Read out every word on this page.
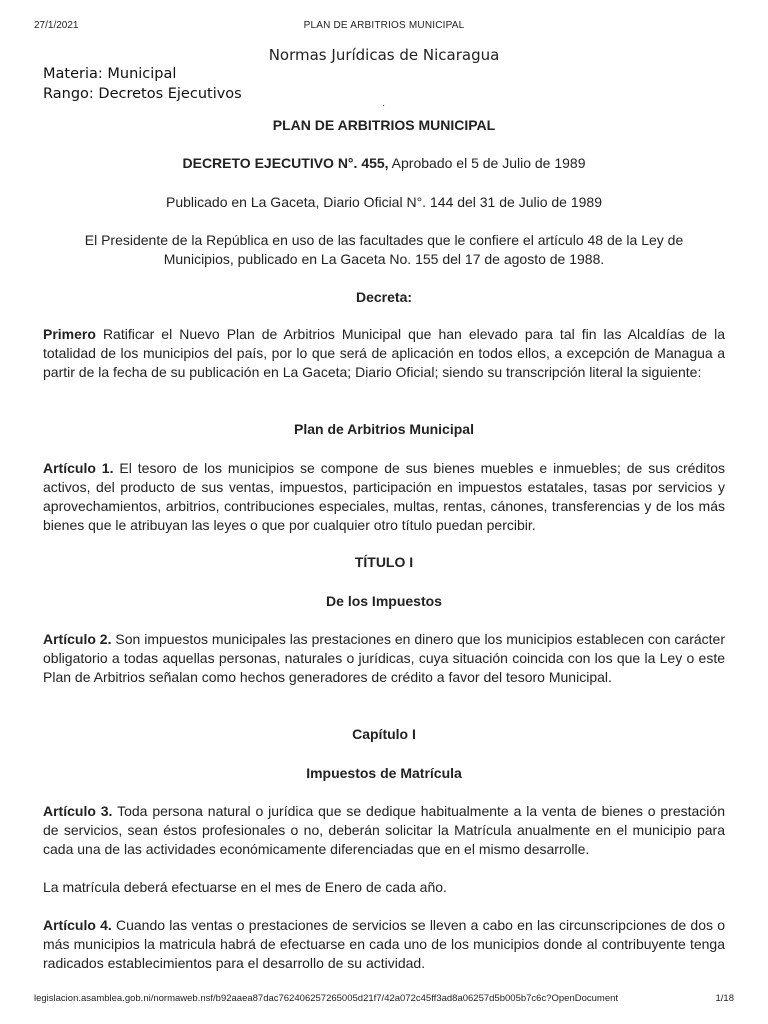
27/1/2021	PLAN DE ARBITRIOS MUNICIPAL
Normas Jurídicas de Nicaragua
Materia: Municipal
Rango: Decretos Ejecutivos
·
PLAN DE ARBITRIOS MUNICIPAL
DECRETO EJECUTIVO N°. 455, Aprobado el 5 de Julio de 1989
Publicado en La Gaceta, Diario Oficial N°. 144 del 31 de Julio de 1989
El Presidente de la República en uso de las facultades que le confiere el artículo 48 de la Ley de Municipios, publicado en La Gaceta No. 155 del 17 de agosto de 1988.
Decreta:
Primero Ratificar el Nuevo Plan de Arbitrios Municipal que han elevado para tal fin las Alcaldías de la totalidad de los municipios del país, por lo que será de aplicación en todos ellos, a excepción de Managua a partir de la fecha de su publicación en La Gaceta; Diario Oficial; siendo su transcripción literal la siguiente:
Plan de Arbitrios Municipal
Artículo 1. El tesoro de los municipios se compone de sus bienes muebles e inmuebles; de sus créditos activos, del producto de sus ventas, impuestos, participación en impuestos estatales, tasas por servicios y aprovechamientos, arbitrios, contribuciones especiales, multas, rentas, cánones, transferencias y de los más bienes que le atribuyan las leyes o que por cualquier otro título puedan percibir.
TÍTULO I
De los Impuestos
Artículo 2. Son impuestos municipales las prestaciones en dinero que los municipios establecen con carácter obligatorio a todas aquellas personas, naturales o jurídicas, cuya situación coincida con los que la Ley o este Plan de Arbitrios señalan como hechos generadores de crédito a favor del tesoro Municipal.
Capítulo I
Impuestos de Matrícula
Artículo 3. Toda persona natural o jurídica que se dedique habitualmente a la venta de bienes o prestación de servicios, sean éstos profesionales o no, deberán solicitar la Matrícula anualmente en el municipio para cada una de las actividades económicamente diferenciadas que en el mismo desarrolle.
La matrícula deberá efectuarse en el mes de Enero de cada año.
Artículo 4. Cuando las ventas o prestaciones de servicios se lleven a cabo en las circunscripciones de dos o más municipios la matricula habrá de efectuarse en cada uno de los municipios donde al contribuyente tenga radicados establecimientos para el desarrollo de su actividad.
legislacion.asamblea.gob.ni/normaweb.nsf/b92aaea87dac762406257265005d21f7/42a072c45ff3ad8a06257d5b005b7c6c?OpenDocument	1/18
